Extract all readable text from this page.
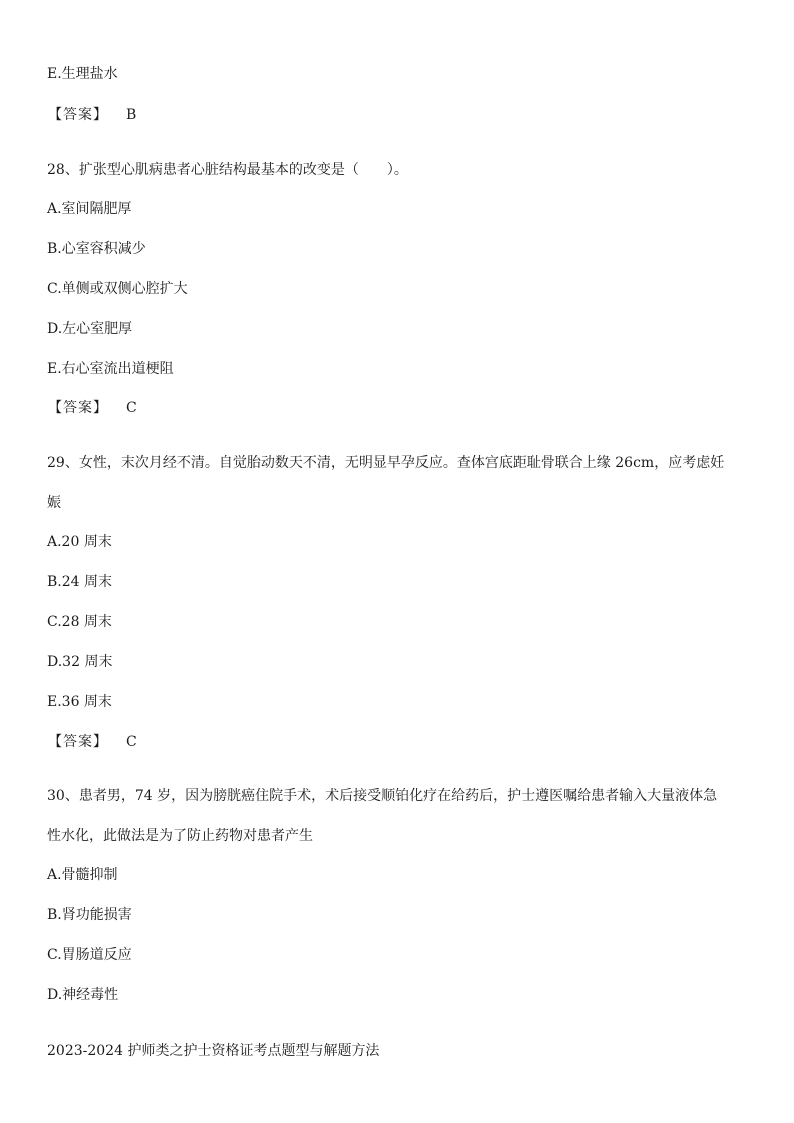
E.生理盐水
【答案】 B
28、扩张型心肌病患者心脏结构最基本的改变是（　　）。
A.室间隔肥厚
B.心室容积减少
C.单侧或双侧心腔扩大
D.左心室肥厚
E.右心室流出道梗阻
【答案】 C
29、女性，末次月经不清。自觉胎动数天不清，无明显早孕反应。查体宫底距耻骨联合上缘 26cm，应考虑妊
娠
A.20 周末
B.24 周末
C.28 周末
D.32 周末
E.36 周末
【答案】 C
30、患者男，74 岁，因为膀胱癌住院手术，术后接受顺铂化疗在给药后，护士遵医嘱给患者输入大量液体急
性水化，此做法是为了防止药物对患者产生
A.骨髓抑制
B.肾功能损害
C.胃肠道反应
D.神经毒性
2023-2024 护师类之护士资格证考点题型与解题方法
